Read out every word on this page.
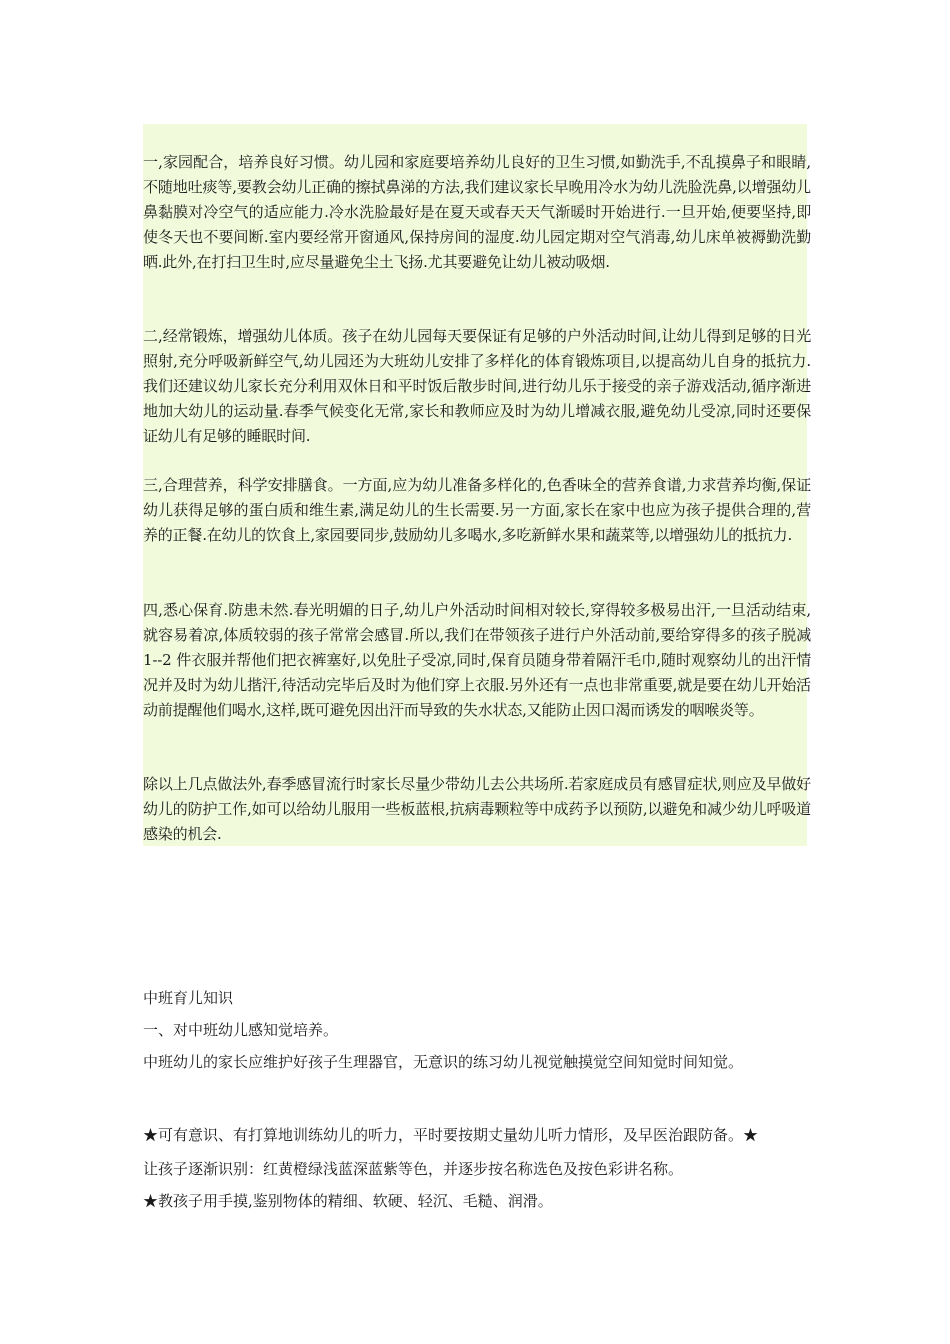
一,家园配合，培养良好习惯。幼儿园和家庭要培养幼儿良好的卫生习惯,如勤洗手,不乱摸鼻子和眼睛,不随地吐痰等,要教会幼儿正确的擦拭鼻涕的方法,我们建议家长早晚用冷水为幼儿洗脸洗鼻,以增强幼儿鼻黏膜对冷空气的适应能力.冷水洗脸最好是在夏天或春天天气渐暖时开始进行.一旦开始,便要坚持,即使冬天也不要间断.室内要经常开窗通风,保持房间的湿度.幼儿园定期对空气消毒,幼儿床单被褥勤洗勤晒.此外,在打扫卫生时,应尽量避免尘土飞扬.尤其要避免让幼儿被动吸烟.

二,经常锻炼，增强幼儿体质。孩子在幼儿园每天要保证有足够的户外活动时间,让幼儿得到足够的日光照射,充分呼吸新鲜空气,幼儿园还为大班幼儿安排了多样化的体育锻炼项目,以提高幼儿自身的抵抗力.我们还建议幼儿家长充分利用双休日和平时饭后散步时间,进行幼儿乐于接受的亲子游戏活动,循序渐进地加大幼儿的运动量.春季气候变化无常,家长和教师应及时为幼儿增减衣服,避免幼儿受凉,同时还要保证幼儿有足够的睡眠时间.

三,合理营养，科学安排膳食。一方面,应为幼儿准备多样化的,色香味全的营养食谱,力求营养均衡,保证幼儿获得足够的蛋白质和维生素,满足幼儿的生长需要.另一方面,家长在家中也应为孩子提供合理的,营养的正餐.在幼儿的饮食上,家园要同步,鼓励幼儿多喝水,多吃新鲜水果和蔬菜等,以增强幼儿的抵抗力.

四,悉心保育.防患未然.春光明媚的日子,幼儿户外活动时间相对较长,穿得较多极易出汗,一旦活动结束,就容易着凉,体质较弱的孩子常常会感冒.所以,我们在带领孩子进行户外活动前,要给穿得多的孩子脱减 1--2 件衣服并帮他们把衣裤塞好,以免肚子受凉,同时,保育员随身带着隔汗毛巾,随时观察幼儿的出汗情况并及时为幼儿揩汗,待活动完毕后及时为他们穿上衣服.另外还有一点也非常重要,就是要在幼儿开始活动前提醒他们喝水,这样,既可避免因出汗而导致的失水状态,又能防止因口渴而诱发的咽喉炎等。

除以上几点做法外,春季感冒流行时家长尽量少带幼儿去公共场所.若家庭成员有感冒症状,则应及早做好幼儿的防护工作,如可以给幼儿服用一些板蓝根,抗病毒颗粒等中成药予以预防,以避免和减少幼儿呼吸道感染的机会.

中班育儿知识

一、对中班幼儿感知觉培养。

中班幼儿的家长应维护好孩子生理器官，无意识的练习幼儿视觉触摸觉空间知觉时间知觉。

★可有意识、有打算地训练幼儿的听力，平时要按期丈量幼儿听力情形，及早医治跟防备。★

让孩子逐渐识别：红黄橙绿浅蓝深蓝紫等色，并逐步按名称选色及按色彩讲名称。

★教孩子用手摸,鉴别物体的精细、软硬、轻沉、毛糙、润滑。
